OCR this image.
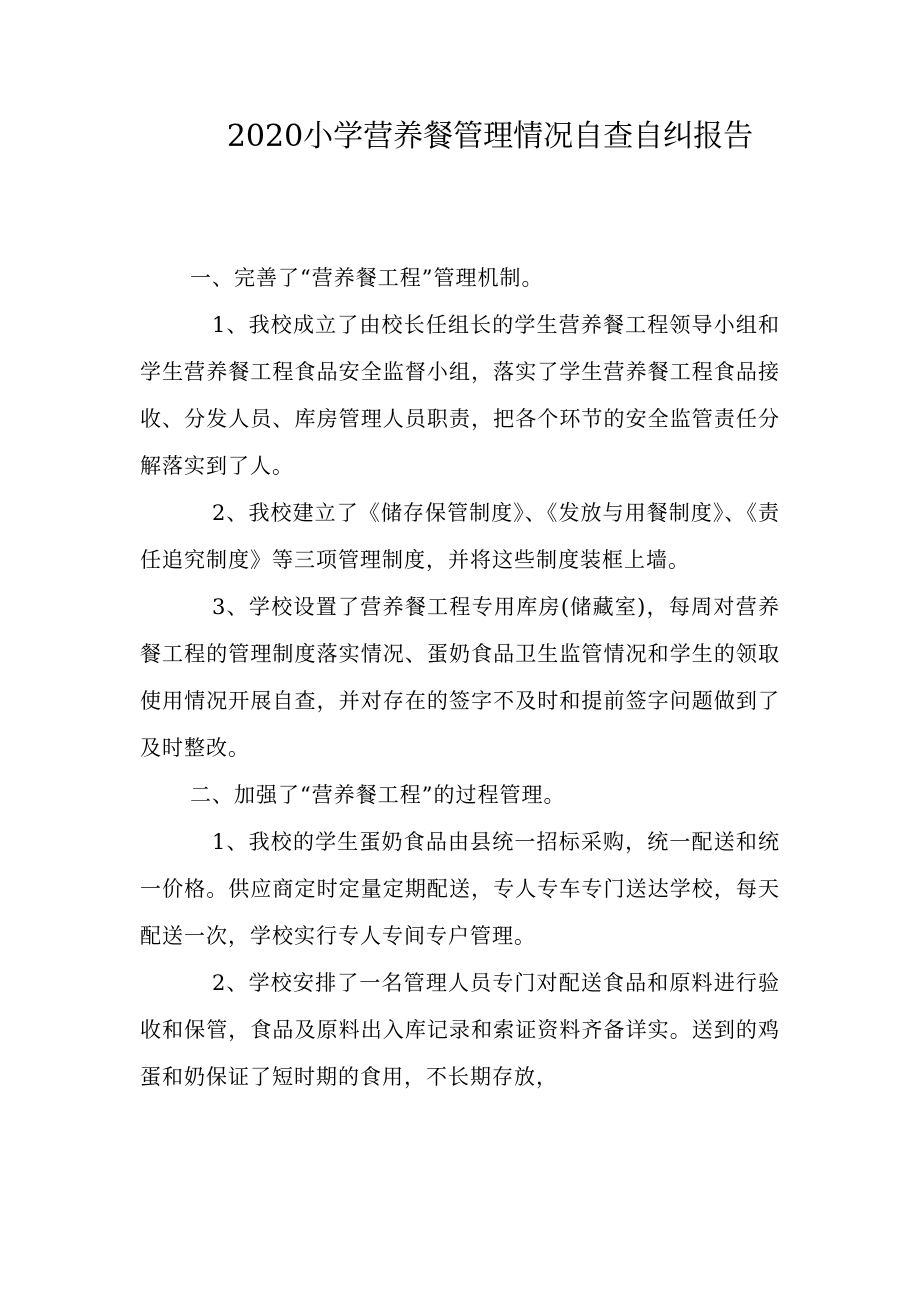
2020小学营养餐管理情况自查自纠报告

一、完善了“营养餐工程”管理机制。

1、我校成立了由校长任组长的学生营养餐工程领导小组和学生营养餐工程食品安全监督小组，落实了学生营养餐工程食品接收、分发人员、库房管理人员职责，把各个环节的安全监管责任分解落实到了人。

2、我校建立了《储存保管制度》、《发放与用餐制度》、《责任追究制度》等三项管理制度，并将这些制度装框上墙。

3、学校设置了营养餐工程专用库房(储藏室)，每周对营养餐工程的管理制度落实情况、蛋奶食品卫生监管情况和学生的领取使用情况开展自查，并对存在的签字不及时和提前签字问题做到了及时整改。

二、加强了“营养餐工程”的过程管理。

1、我校的学生蛋奶食品由县统一招标采购，统一配送和统一价格。供应商定时定量定期配送，专人专车专门送达学校，每天配送一次，学校实行专人专间专户管理。

2、学校安排了一名管理人员专门对配送食品和原料进行验收和保管，食品及原料出入库记录和索证资料齐备详实。送到的鸡蛋和奶保证了短时期的食用，不长期存放，
